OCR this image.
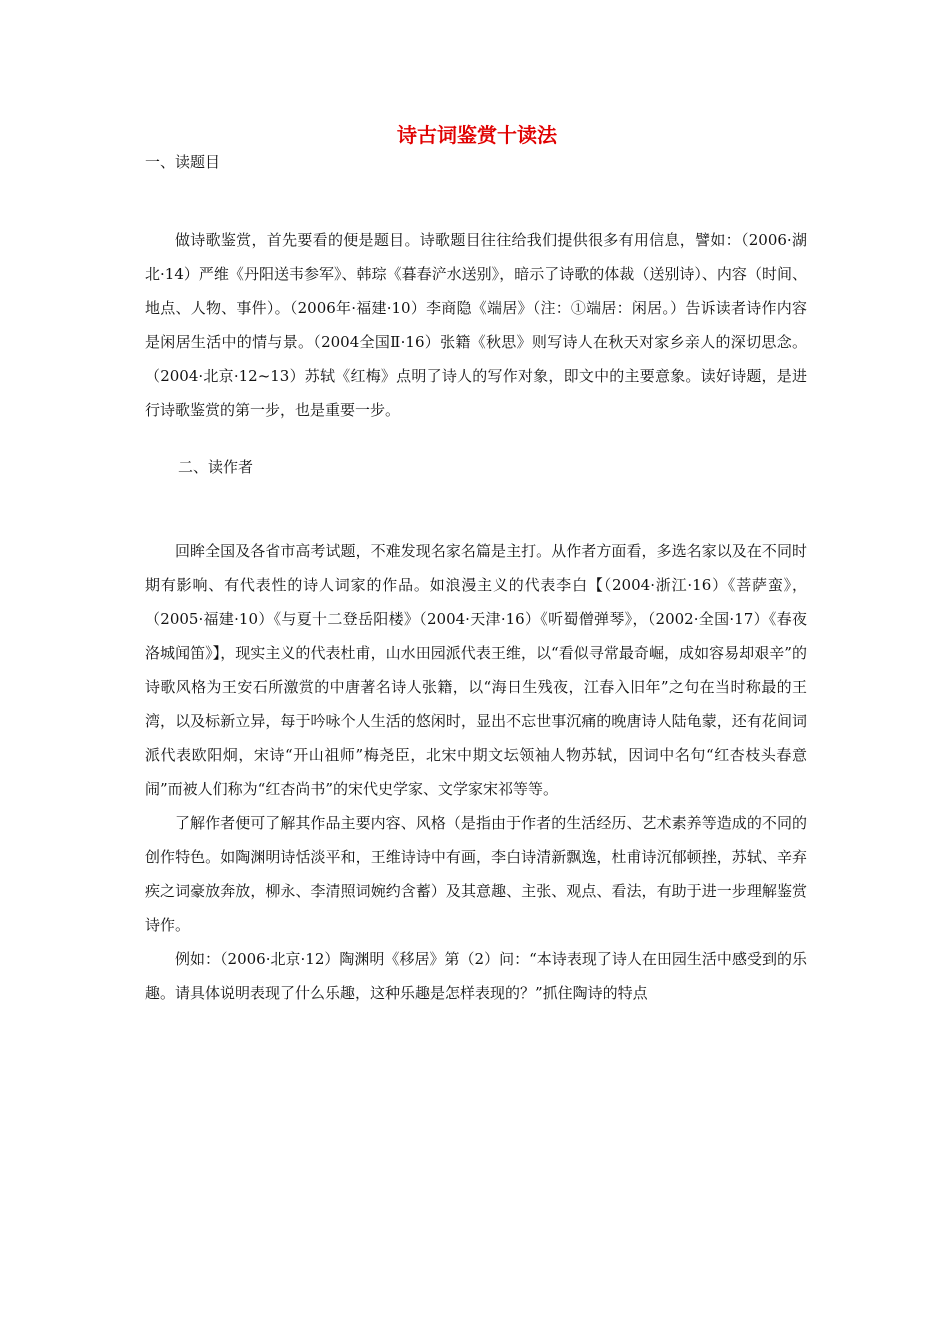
诗古词鉴赏十读法

一、读题目

做诗歌鉴赏，首先要看的便是题目。诗歌题目往往给我们提供很多有用信息，譬如：（2006·湖北·14）严维《丹阳送韦参军》、韩琮《暮春浐水送别》，暗示了诗歌的体裁（送别诗）、内容（时间、地点、人物、事件）。（2006年·福建·10）李商隐《端居》（注：①端居：闲居。）告诉读者诗作内容是闲居生活中的情与景。（2004全国Ⅱ·16）张籍《秋思》则写诗人在秋天对家乡亲人的深切思念。（2004·北京·12~13）苏轼《红梅》点明了诗人的写作对象，即文中的主要意象。读好诗题，是进行诗歌鉴赏的第一步，也是重要一步。

二、读作者

回眸全国及各省市高考试题，不难发现名家名篇是主打。从作者方面看，多选名家以及在不同时期有影响、有代表性的诗人词家的作品。如浪漫主义的代表李白【（2004·浙江·16）《菩萨蛮》，（2005·福建·10）《与夏十二登岳阳楼》（2004·天津·16）《听蜀僧弹琴》，（2002·全国·17）《春夜洛城闻笛》】，现实主义的代表杜甫，山水田园派代表王维，以“看似寻常最奇崛，成如容易却艰辛”的诗歌风格为王安石所激赏的中唐著名诗人张籍，以“海日生残夜，江春入旧年”之句在当时称最的王湾，以及标新立异，每于吟咏个人生活的悠闲时，显出不忘世事沉痛的晚唐诗人陆龟蒙，还有花间词派代表欧阳炯，宋诗“开山祖师”梅尧臣，北宋中期文坛领袖人物苏轼，因词中名句“红杏枝头春意闹”而被人们称为“红杏尚书”的宋代史学家、文学家宋祁等等。

了解作者便可了解其作品主要内容、风格（是指由于作者的生活经历、艺术素养等造成的不同的创作特色。如陶渊明诗恬淡平和，王维诗诗中有画，李白诗清新飘逸，杜甫诗沉郁顿挫，苏轼、辛弃疾之词豪放奔放，柳永、李清照词婉约含蓄）及其意趣、主张、观点、看法，有助于进一步理解鉴赏诗作。

例如：（2006·北京·12）陶渊明《移居》第（2）问：“本诗表现了诗人在田园生活中感受到的乐趣。请具体说明表现了什么乐趣，这种乐趣是怎样表现的？”抓住陶诗的特点
